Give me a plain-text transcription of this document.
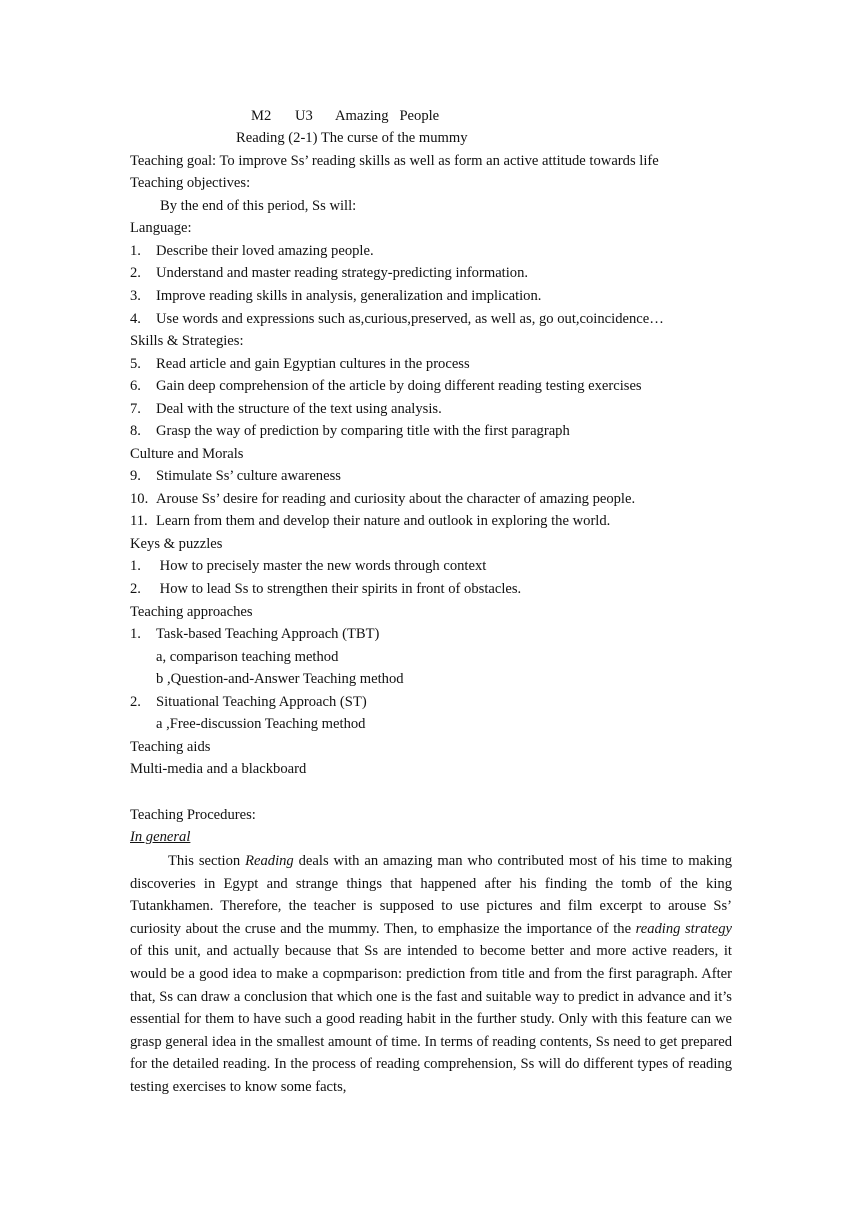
M2 U3 Amazing   People
Reading (2-1) The curse of the mummy
Teaching goal: To improve Ss’ reading skills as well as form an active attitude towards life
Teaching objectives:
By the end of this period, Ss will:
Language:
1. Describe their loved amazing people.
2. Understand and master reading strategy-predicting information.
3. Improve reading skills in analysis, generalization and implication.
4. Use words and expressions such as,curious,preserved, as well as, go out,coincidence…
Skills & Strategies:
5. Read article and gain Egyptian cultures in the process
6. Gain deep comprehension of the article by doing different reading testing exercises
7. Deal with the structure of the text using analysis.
8. Grasp the way of prediction by comparing title with the first paragraph
Culture and Morals
9. Stimulate Ss’ culture awareness
10. Arouse Ss’ desire for reading and curiosity about the character of amazing people.
11. Learn from them and develop their nature and outlook in exploring the world.
Keys & puzzles
1. How to precisely master the new words through context
2. How to lead Ss to strengthen their spirits in front of obstacles.
Teaching approaches
1. Task-based Teaching Approach (TBT)
a, comparison teaching method
b ,Question-and-Answer Teaching method
2. Situational Teaching Approach (ST)
a ,Free-discussion Teaching method
Teaching aids
Multi-media and a blackboard
Teaching Procedures:
In general

This section Reading deals with an amazing man who contributed most of his time to making discoveries in Egypt and strange things that happened after his finding the tomb of the king Tutankhamen. Therefore, the teacher is supposed to use pictures and film excerpt to arouse Ss’ curiosity about the cruse and the mummy. Then, to emphasize the importance of the reading strategy of this unit, and actually because that Ss are intended to become better and more active readers, it would be a good idea to make a copmparison: prediction from title and from the first paragraph. After that, Ss can draw a conclusion that which one is the fast and suitable way to predict in advance and it’s essential for them to have such a good reading habit in the further study. Only with this feature can we grasp general idea in the smallest amount of time. In terms of reading contents, Ss need to get prepared for the detailed reading. In the process of reading comprehension, Ss will do different types of reading testing exercises to know some facts,
